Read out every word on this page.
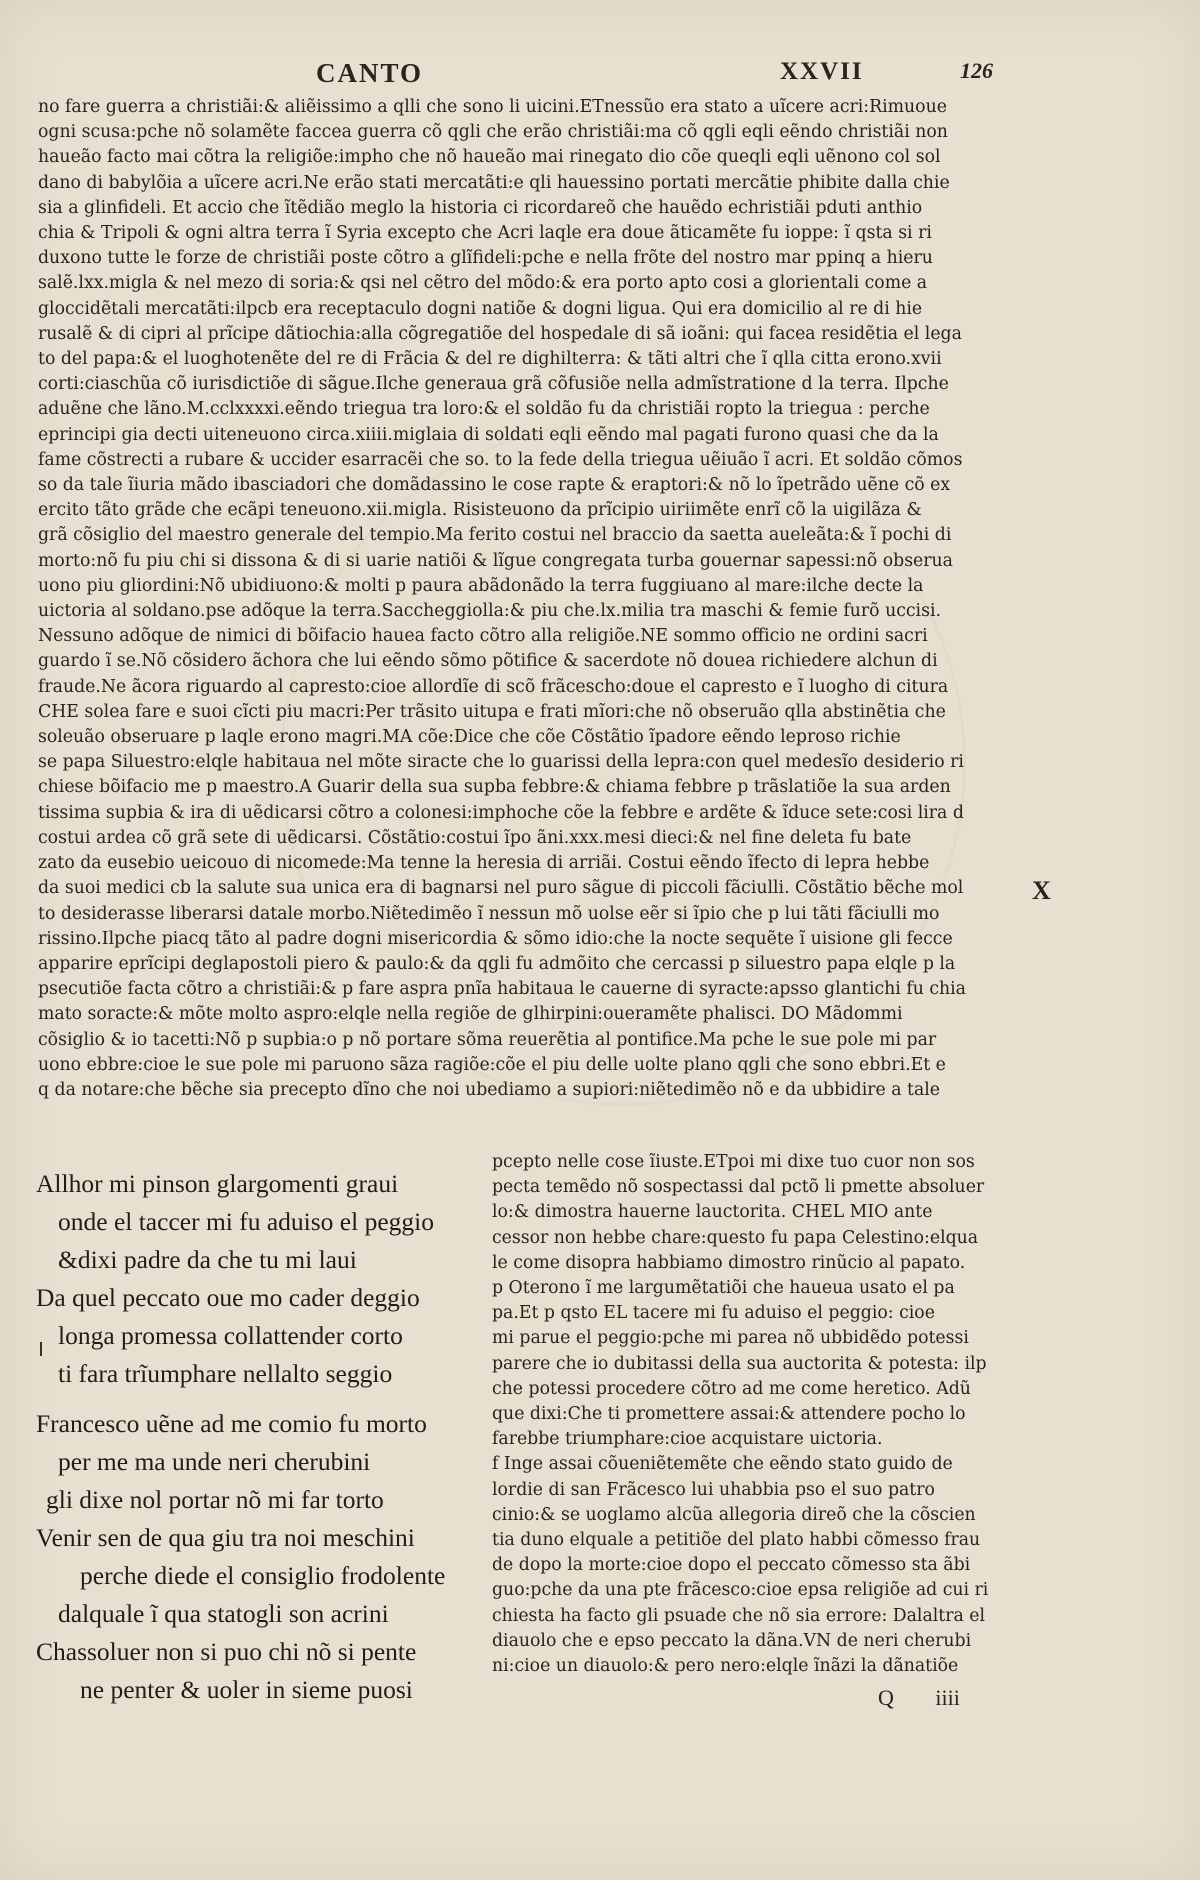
CANTO	XXVII	126
no fare guerra a christiãi:& aliẽissimo a qlli che sono li uicini.ETnessũo era stato a uĩcere acri:Rimuoue
ogni scusa:pche nõ solamẽte faccea guerra cõ qgli che erão christiãi:ma cõ qgli eqli eẽndo christiãi non
haueão facto mai cõtra la religiõe:impho che nõ haueão mai rinegato dio cõe queqli eqli uẽnono col sol
dano di babylõia a uĩcere acri.Ne erão stati mercatãti:e qli hauessino portati mercãtie phibite dalla chie
sia a glinfideli. Et accio che ĩtẽdião meglo la historia ci ricordareõ che hauẽdo echristiãi pduti anthio
chia & Tripoli & ogni altra terra ĩ Syria excepto che Acri laqle era doue ãticamẽte fu ioppe: ĩ qsta si ri
duxono tutte le forze de christiãi poste cõtro a glĩfideli:pche e nella frõte del nostro mar ppinq a hieru
salẽ.lxx.migla & nel mezo di soria:& qsi nel cẽtro del mõdo:& era porto apto cosi a glorientali come a
gloccidẽtali mercatãti:ilpcb era receptaculo dogni natiõe & dogni ligua. Qui era domicilio al re di hie
rusalẽ & di cipri al prĩcipe dãtiochia:alla cõgregatiõe del hospedale di sã ioãni: qui facea residẽtia el lega
to del papa:& el luoghotenẽte del re di Frãcia & del re dighilterra: & tãti altri che ĩ qlla citta erono.xvii
corti:ciaschũa cõ iurisdictiõe di sãgue.Ilche generaua grã cõfusiõe nella admĩstratione d la terra. Ilpche
aduẽne che lãno.M.cclxxxxi.eẽndo triegua tra loro:& el soldão fu da christiãi ropto la triegua : perche
eprincipi gia decti uiteneuono circa.xiiii.miglaia di soldati eqli eẽndo mal pagati furono quasi che da la
fame cõstrecti a rubare & uccider esarracẽi che so. to la fede della triegua uẽiuão ĩ acri. Et soldão cõmos
so da tale ĩiuria mãdo ibasciadori che domãdassino le cose rapte & eraptori:& nõ lo ĩpetrãdo uẽne cõ ex
ercito tãto grãde che ecãpi teneuono.xii.migla. Risisteuono da prĩcipio uiriimẽte enrĩ cõ la uigilãza &
grã cõsiglio del maestro generale del tempio.Ma ferito costui nel braccio da saetta aueleãta:& ĩ pochi di
morto:nõ fu piu chi si dissona & di si uarie natiõi & lĩgue congregata turba gouernar sapessi:nõ obserua
uono piu gliordini:Nõ ubidiuono:& molti p paura abãdonãdo la terra fuggiuano al mare:ilche decte la
uictoria al soldano.pse adõque la terra.Saccheggiolla:& piu che.lx.milia tra maschi & femie furõ uccisi.
Nessuno adõque de nimici di bõifacio hauea facto cõtro alla religiõe.NE sommo officio ne ordini sacri
guardo ĩ se.Nõ cõsidero ãchora che lui eẽndo sõmo põtifice & sacerdote nõ douea richiedere alchun di
fraude.Ne ãcora riguardo al capresto:cioe allordĩe di scõ frãcescho:doue el capresto e ĩ luogho di citura
CHE solea fare e suoi cĩcti piu macri:Per trãsito uitupa e frati mĩori:che nõ obseruão qlla abstinẽtia che
soleuão obseruare p laqle erono magri.MA cõe:Dice che cõe Cõstãtio ĩpadore eẽndo leproso richie
se papa Siluestro:elqle habitaua nel mõte siracte che lo guarissi della lepra:con quel medesĩo desiderio ri
chiese bõifacio me p maestro.A Guarir della sua supba febbre:& chiama febbre p trãslatiõe la sua arden
tissima supbia & ira di uẽdicarsi cõtro a colonesi:imphoche cõe la febbre e ardẽte & ĩduce sete:cosi lira d
costui ardea cõ grã sete di uẽdicarsi. Cõstãtio:costui ĩpo ãni.xxx.mesi dieci:& nel fine deleta fu bate
zato da eusebio ueicouo di nicomede:Ma tenne la heresia di arriãi. Costui eẽndo ĩfecto di lepra hebbe
da suoi medici cb la salute sua unica era di bagnarsi nel puro sãgue di piccoli fãciulli. Cõstãtio bẽche mol
to desiderasse liberarsi datale morbo.Niẽtedimẽo ĩ nessun mõ uolse eẽr si ĩpio che p lui tãti fãciulli mo
rissino.Ilpche piacq tãto al padre dogni misericordia & sõmo idio:che la nocte sequẽte ĩ uisione gli fecce
apparire eprĩcipi deglapostoli piero & paulo:& da qgli fu admõito che cercassi p siluestro papa elqle p la
psecutiõe facta cõtro a christiãi:& p fare aspra pnĩa habitaua le cauerne di syracte:apsso glantichi fu chia
mato soracte:& mõte molto aspro:elqle nella regiõe de glhirpini:oueramẽte phalisci. DO Mãdommi
cõsiglio & io tacetti:Nõ p supbia:o p nõ portare sõma reuerẽtia al pontifice.Ma pche le sue pole mi par
uono ebbre:cioe le sue pole mi paruono sãza ragiõe:cõe el piu delle uolte plano qgli che sono ebbri.Et e
q da notare:che bẽche sia precepto dĩno che noi ubediamo a supiori:niẽtedimẽo nõ e da ubbidire a tale
X
Allhor mi pinson glargomenti graui
onde el taccer mi fu aduiso el peggio
&dixi padre da che tu mi laui
Da quel peccato oue mo cader deggio
longa promessa collattender corto
ti fara trĩumphare nellalto seggio
Francesco uẽne ad me comio fu morto
per me ma unde neri cherubini
gli dixe nol portar nõ mi far torto
Venir sen de qua giu tra noi meschini
perche diede el consiglio frodolente
dalquale ĩ qua statogli son acrini
Chassoluer non si puo chi nõ si pente
ne penter & uoler in sieme puosi
pcepto nelle cose ĩiuste.ETpoi mi dixe tuo cuor non sos
pecta temẽdo nõ sospectassi dal pctõ li pmette absoluer
lo:& dimostra hauerne lauctorita. CHEL MIO ante
cessor non hebbe chare:questo fu papa Celestino:elqua
le come disopra habbiamo dimostro rinũcio al papato.
p Oterono ĩ me largumẽtatiõi che haueua usato el pa
pa.Et p qsto EL tacere mi fu aduiso el peggio: cioe
mi parue el peggio:pche mi parea nõ ubbidẽdo potessi
parere che io dubitassi della sua auctorita & potesta: ilp
che potessi procedere cõtro ad me come heretico. Adũ
que dixi:Che ti promettere assai:& attendere pocho lo
farebbe triumphare:cioe acquistare uictoria.
f Inge assai cõueniẽtemẽte che eẽndo stato guido de
lordie di san Frãcesco lui uhabbia pso el suo patro
cinio:& se uoglamo alcũa allegoria direõ che la cõscien
tia duno elquale a petitiõe del plato habbi cõmesso frau
de dopo la morte:cioe dopo el peccato cõmesso sta ãbi
guo:pche da una pte frãcesco:cioe epsa religiõe ad cui ri
chiesta ha facto gli psuade che nõ sia errore: Dalaltra el
diauolo che e epso peccato la dãna.VN de neri cherubi
ni:cioe un diauolo:& pero nero:elqle ĩnãzi la dãnatiõe
Q iiii
